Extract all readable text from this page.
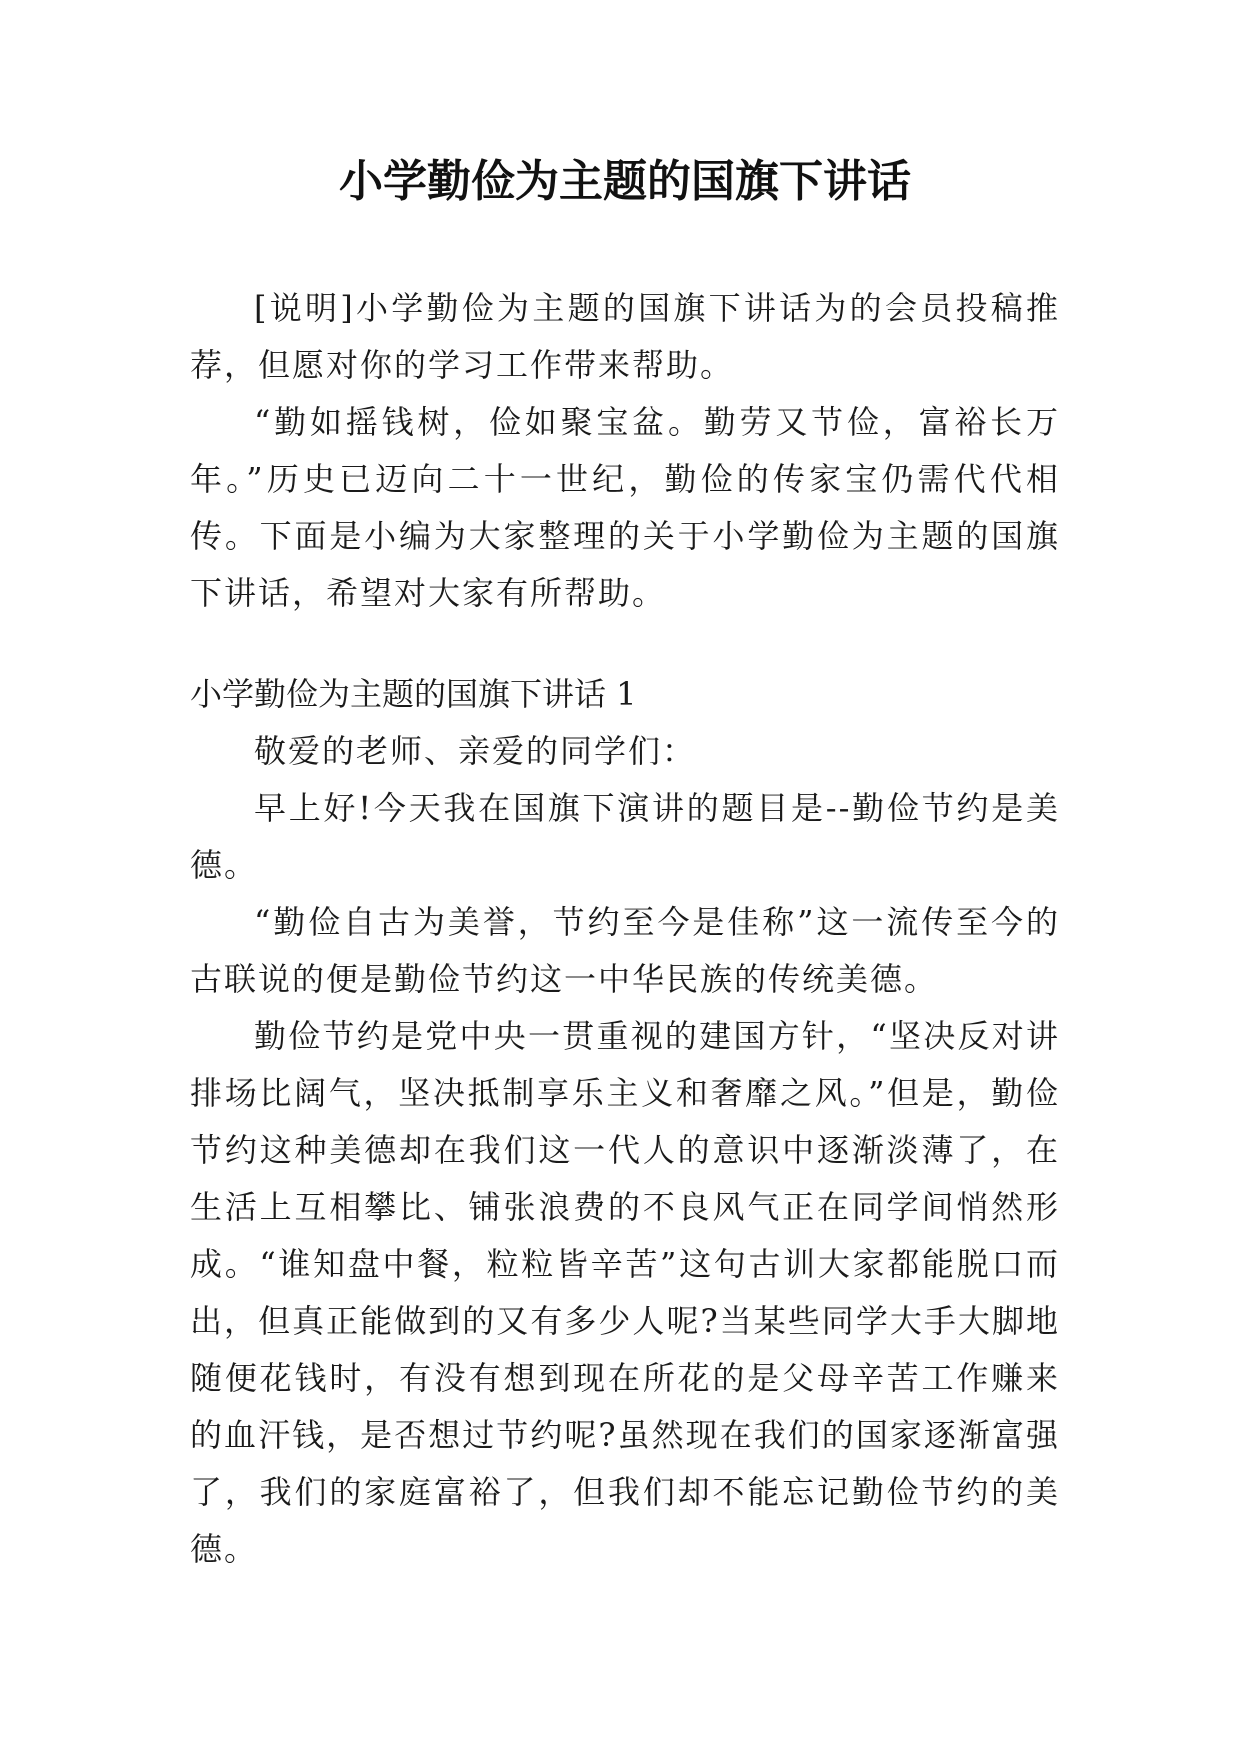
小学勤俭为主题的国旗下讲话

[说明]小学勤俭为主题的国旗下讲话为的会员投稿推荐，但愿对你的学习工作带来帮助。

“勤如摇钱树，俭如聚宝盆。勤劳又节俭，富裕长万年。”历史已迈向二十一世纪，勤俭的传家宝仍需代代相传。下面是小编为大家整理的关于小学勤俭为主题的国旗下讲话，希望对大家有所帮助。

小学勤俭为主题的国旗下讲话 1

敬爱的老师、亲爱的同学们：

早上好!今天我在国旗下演讲的题目是--勤俭节约是美德。

“勤俭自古为美誉，节约至今是佳称”这一流传至今的古联说的便是勤俭节约这一中华民族的传统美德。

勤俭节约是党中央一贯重视的建国方针，“坚决反对讲排场比阔气，坚决抵制享乐主义和奢靡之风。”但是，勤俭节约这种美德却在我们这一代人的意识中逐渐淡薄了，在生活上互相攀比、铺张浪费的不良风气正在同学间悄然形成。“谁知盘中餐，粒粒皆辛苦”这句古训大家都能脱口而出，但真正能做到的又有多少人呢?当某些同学大手大脚地随便花钱时，有没有想到现在所花的是父母辛苦工作赚来的血汗钱，是否想过节约呢?虽然现在我们的国家逐渐富强了，我们的家庭富裕了，但我们却不能忘记勤俭节约的美德。
